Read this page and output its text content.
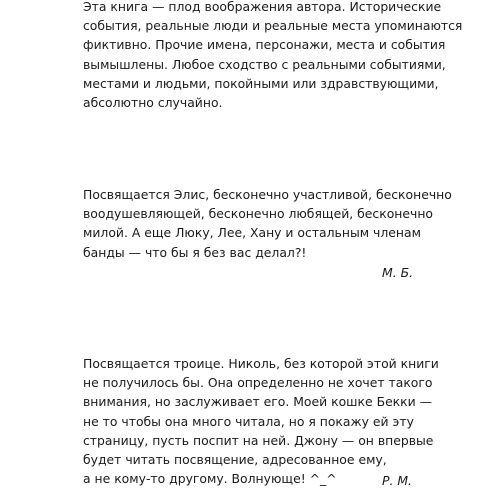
Эта книга — плод воображения автора. Исторические
события, реальные люди и реальные места упоминаются
фиктивно. Прочие имена, персонажи, места и события
вымышлены. Любое сходство с реальными событиями,
местами и людьми, покойными или здравствующими,
абсолютно случайно.
Посвящается Элис, бесконечно участливой, бесконечно
воодушевляющей, бесконечно любящей, бесконечно
милой. А еще Люку, Лее, Хану и остальным членам
банды — что бы я без вас делал?!
М. Б.
Посвящается троице. Николь, без которой этой книги
не получилось бы. Она определенно не хочет такого
внимания, но заслуживает его. Моей кошке Бекки —
не то чтобы она много читала, но я покажу ей эту
страницу, пусть поспит на ней. Джону — он впервые
будет читать посвящение, адресованное ему,
а не кому-то другому. Волнующе! ^_^	Р. М.
